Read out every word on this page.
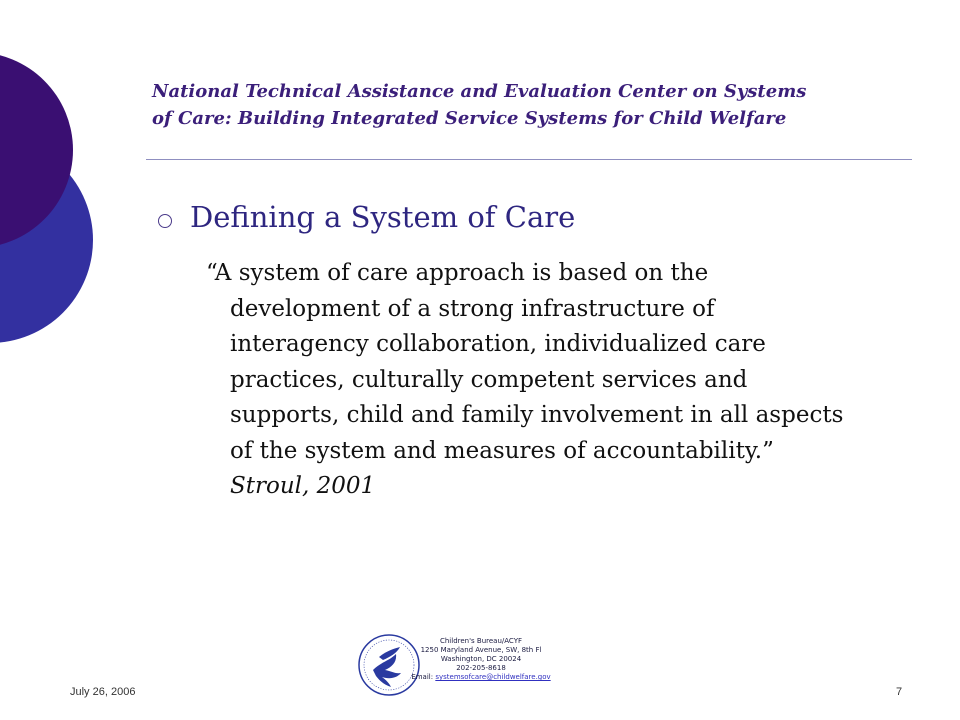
National Technical Assistance and Evaluation Center on Systems
of Care: Building Integrated Service Systems for Child Welfare
Defining a System of Care
“A system of care approach is based on the development of a strong infrastructure of interagency collaboration, individualized care practices, culturally competent services and supports, child and family involvement in all aspects of the system and measures of accountability.” Stroul, 2001
July 26, 2006	7
Children's Bureau/ACYF
1250 Maryland Avenue, SW, 8th Fl
Washington, DC 20024
202-205-8618
Email: systemsofcare@childwelfare.gov
